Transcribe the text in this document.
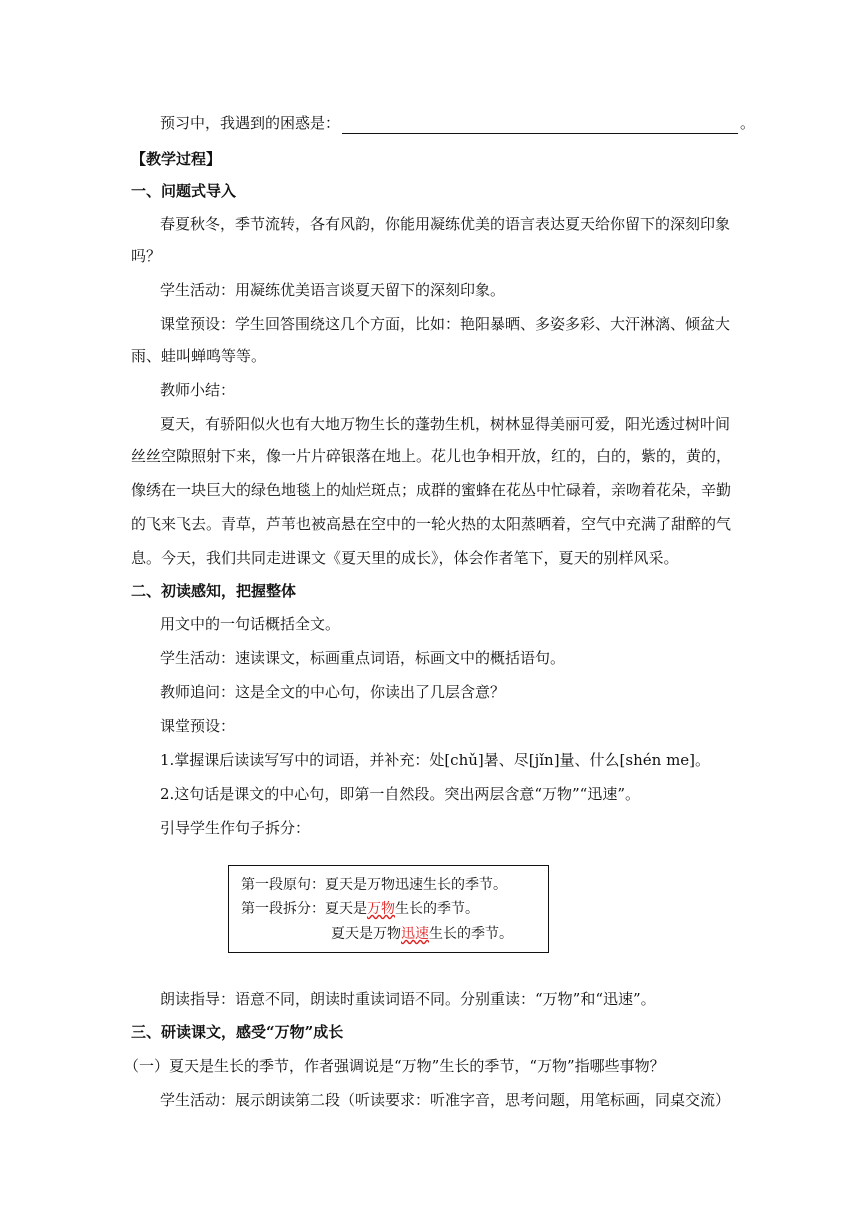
预习中，我遇到的困惑是：	。
【教学过程】
一、问题式导入
春夏秋冬，季节流转，各有风韵，你能用凝练优美的语言表达夏天给你留下的深刻印象
吗？
学生活动：用凝练优美语言谈夏天留下的深刻印象。
课堂预设：学生回答围绕这几个方面，比如：艳阳暴晒、多姿多彩、大汗淋漓、倾盆大
雨、蛙叫蝉鸣等等。
教师小结：
夏天，有骄阳似火也有大地万物生长的蓬勃生机，树林显得美丽可爱，阳光透过树叶间
丝丝空隙照射下来，像一片片碎银落在地上。花儿也争相开放，红的，白的，紫的，黄的，
像绣在一块巨大的绿色地毯上的灿烂斑点；成群的蜜蜂在花丛中忙碌着，亲吻着花朵，辛勤
的飞来飞去。青草，芦苇也被高悬在空中的一轮火热的太阳蒸晒着，空气中充满了甜醉的气
息。今天，我们共同走进课文《夏天里的成长》，体会作者笔下，夏天的别样风采。
二、初读感知，把握整体
用文中的一句话概括全文。
学生活动：速读课文，标画重点词语，标画文中的概括语句。
教师追问：这是全文的中心句，你读出了几层含意？
课堂预设：
1.掌握课后读读写写中的词语，并补充：处[chǔ]暑、尽[jǐn]量、什么[shén me]。
2.这句话是课文的中心句，即第一自然段。突出两层含意“万物”“迅速”。
引导学生作句子拆分：
第一段原句：夏天是万物迅速生长的季节。
第一段拆分：夏天是万物生长的季节。
夏天是万物迅速生长的季节。
朗读指导：语意不同，朗读时重读词语不同。分别重读：“万物”和“迅速”。
三、研读课文，感受“万物”成长
（一）夏天是生长的季节，作者强调说是“万物”生长的季节，“万物”指哪些事物？
学生活动：展示朗读第二段（听读要求：听准字音，思考问题，用笔标画，同桌交流）
